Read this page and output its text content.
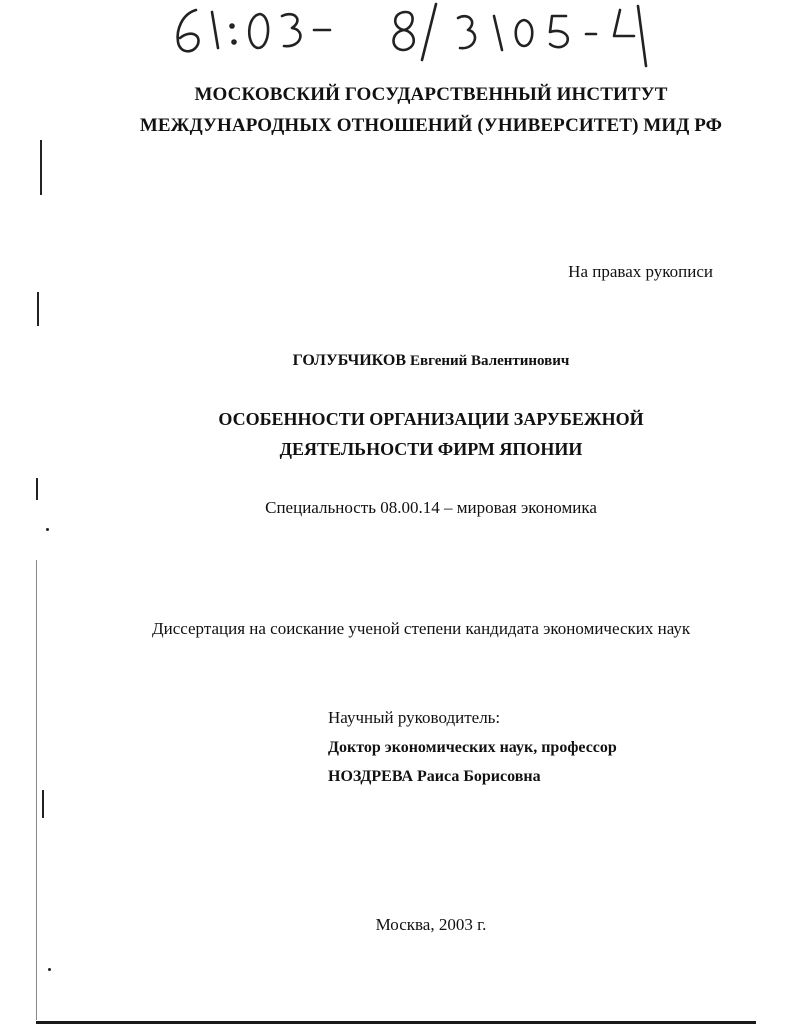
МОСКОВСКИЙ ГОСУДАРСТВЕННЫЙ ИНСТИТУТ
МЕЖДУНАРОДНЫХ ОТНОШЕНИЙ (УНИВЕРСИТЕТ) МИД РФ
На правах рукописи
ГОЛУБЧИКОВ Евгений Валентинович
ОСОБЕННОСТИ ОРГАНИЗАЦИИ ЗАРУБЕЖНОЙ
ДЕЯТЕЛЬНОСТИ ФИРМ ЯПОНИИ
Специальность 08.00.14 – мировая экономика
Диссертация на соискание ученой степени кандидата экономических наук
Научный руководитель:
Доктор экономических наук, профессор
НОЗДРЕВА Раиса Борисовна
Москва, 2003 г.
